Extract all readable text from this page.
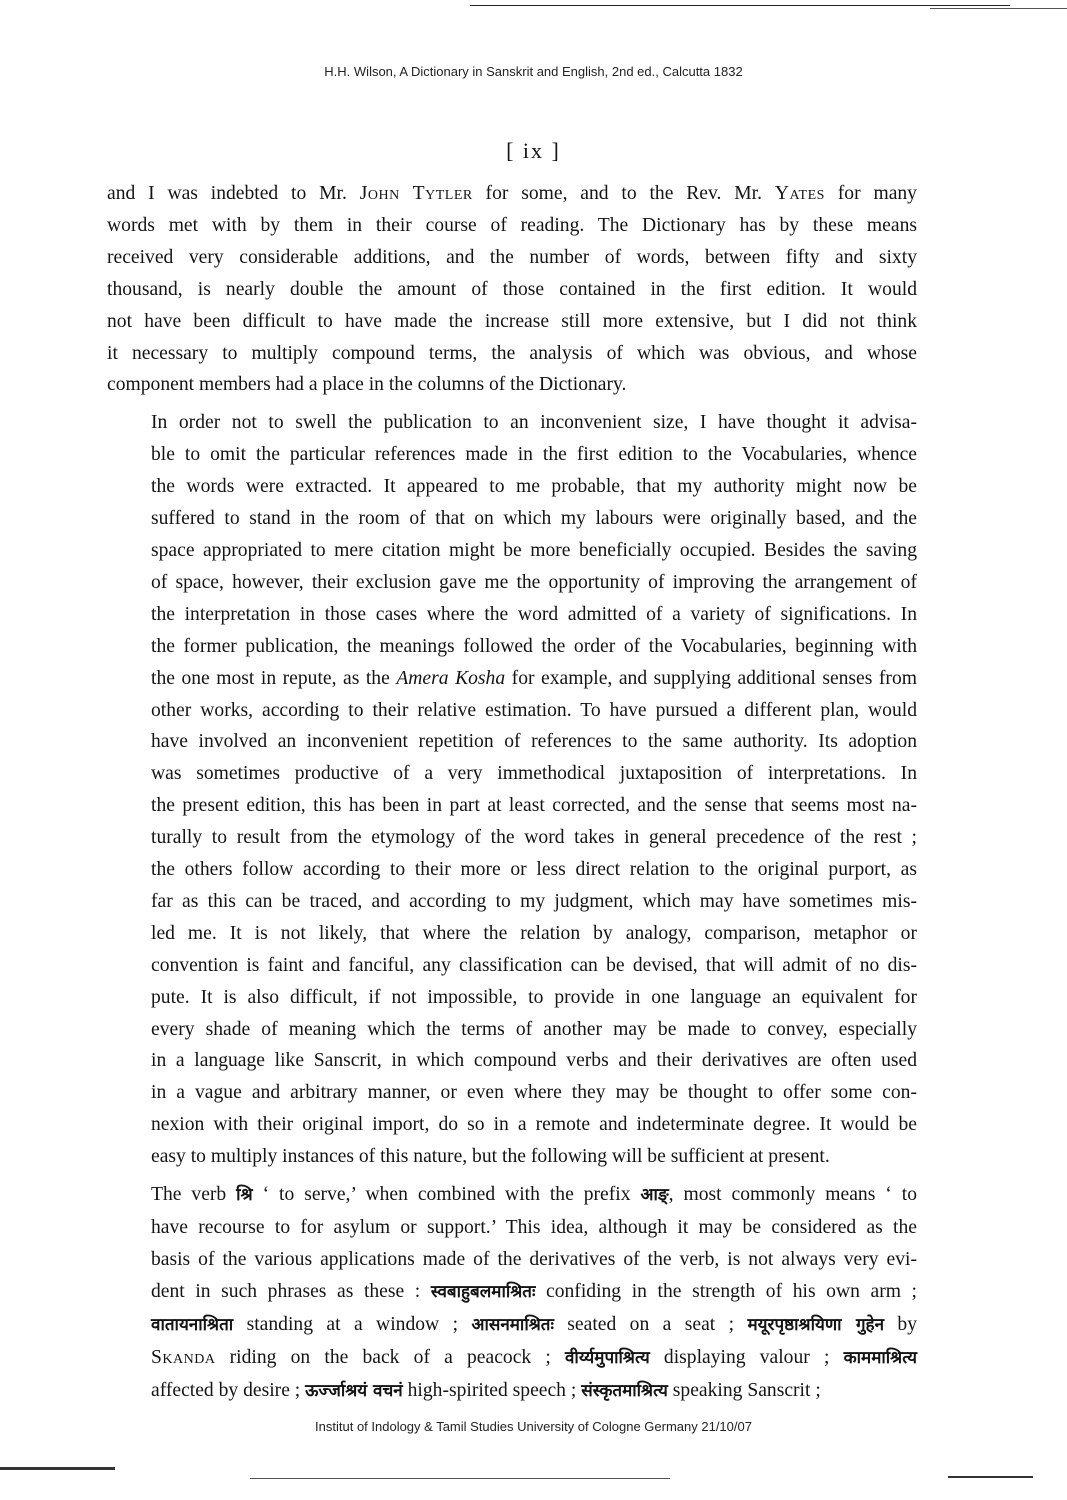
H.H. Wilson, A Dictionary in Sanskrit and English, 2nd ed., Calcutta 1832
[ ix ]
and I was indebted to Mr. John Tytler for some, and to the Rev. Mr. Yates for many
words met with by them in their course of reading. The Dictionary has by these means
received very considerable additions, and the number of words, between fifty and sixty
thousand, is nearly double the amount of those contained in the first edition. It would
not have been difficult to have made the increase still more extensive, but I did not think
it necessary to multiply compound terms, the analysis of which was obvious, and whose
component members had a place in the columns of the Dictionary.
In order not to swell the publication to an inconvenient size, I have thought it advisa-
ble to omit the particular references made in the first edition to the Vocabularies, whence
the words were extracted. It appeared to me probable, that my authority might now be
suffered to stand in the room of that on which my labours were originally based, and the
space appropriated to mere citation might be more beneficially occupied. Besides the saving
of space, however, their exclusion gave me the opportunity of improving the arrangement of
the interpretation in those cases where the word admitted of a variety of significations. In
the former publication, the meanings followed the order of the Vocabularies, beginning with
the one most in repute, as the Amera Kosha for example, and supplying additional senses from
other works, according to their relative estimation. To have pursued a different plan, would
have involved an inconvenient repetition of references to the same authority. Its adoption
was sometimes productive of a very immethodical juxtaposition of interpretations. In
the present edition, this has been in part at least corrected, and the sense that seems most na-
turally to result from the etymology of the word takes in general precedence of the rest ;
the others follow according to their more or less direct relation to the original purport, as
far as this can be traced, and according to my judgment, which may have sometimes mis-
led me. It is not likely, that where the relation by analogy, comparison, metaphor or
convention is faint and fanciful, any classification can be devised, that will admit of no dis-
pute. It is also difficult, if not impossible, to provide in one language an equivalent for
every shade of meaning which the terms of another may be made to convey, especially
in a language like Sanscrit, in which compound verbs and their derivatives are often used
in a vague and arbitrary manner, or even where they may be thought to offer some con-
nexion with their original import, do so in a remote and indeterminate degree. It would be
easy to multiply instances of this nature, but the following will be sufficient at present.
The verb श्रि ‘ to serve,’ when combined with the prefix आङ्, most commonly means ‘ to
have recourse to for asylum or support.’ This idea, although it may be considered as the
basis of the various applications made of the derivatives of the verb, is not always very evi-
dent in such phrases as these : स्वबाहुबलमाश्रितः confiding in the strength of his own arm ;
वातायनाश्रिता standing at a window ; आसनमाश्रितः seated on a seat ; मयूरपृष्ठाश्रयिणा गुहेन by
Skanda riding on the back of a peacock ; वीर्य्यमुपाश्रित्य displaying valour ; काममाश्रित्य
affected by desire ; ऊर्ज्जाश्रयं वचनं high-spirited speech ; संस्कृतमाश्रित्य speaking Sanscrit ;
Institut of Indology & Tamil Studies University of Cologne Germany 21/10/07
